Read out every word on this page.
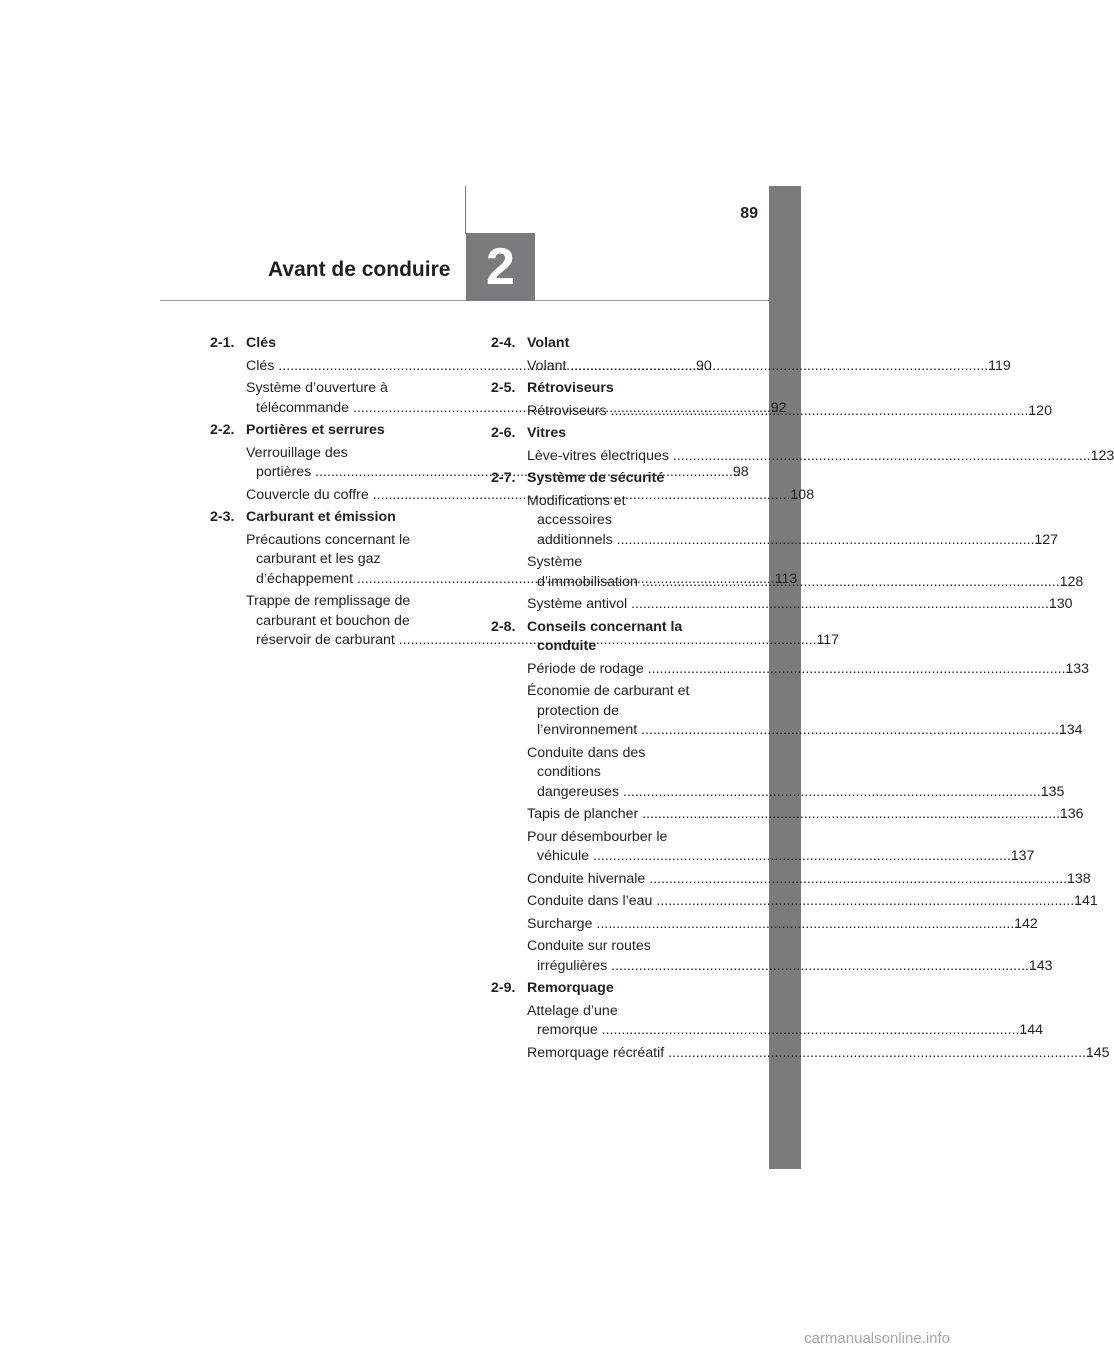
2
89
Avant de conduire
2-1. Clés
Clés .....	90
Système d’ouverture à
télécommande .....	92
2-2. Portières et serrures
Verrouillage des
portières .....	98
Couvercle du coffre .....	108
2-3. Carburant et émission
Précautions concernant le
carburant et les gaz
d’échappement .....	113
Trappe de remplissage de
carburant et bouchon de
réservoir de carburant .....	117
2-4. Volant
Volant .....	119
2-5. Rétroviseurs
Rétroviseurs .....	120
2-6. Vitres
Lève-vitres électriques .....	123
2-7. Système de sécurité
Modifications et
accessoires
additionnels .....	127
Système
d’immobilisation .....	128
Système antivol .....	130
2-8. Conseils concernant la conduite
Période de rodage .....	133
Économie de carburant et
protection de
l’environnement .....	134
Conduite dans des
conditions
dangereuses .....	135
Tapis de plancher .....	136
Pour désembourber le
véhicule .....	137
Conduite hivernale .....	138
Conduite dans l’eau .....	141
Surcharge .....	142
Conduite sur routes
irrégulières .....	143
2-9. Remorquage
Attelage d’une
remorque .....	144
Remorquage récréatif .....	145
carmanualsonline.info
